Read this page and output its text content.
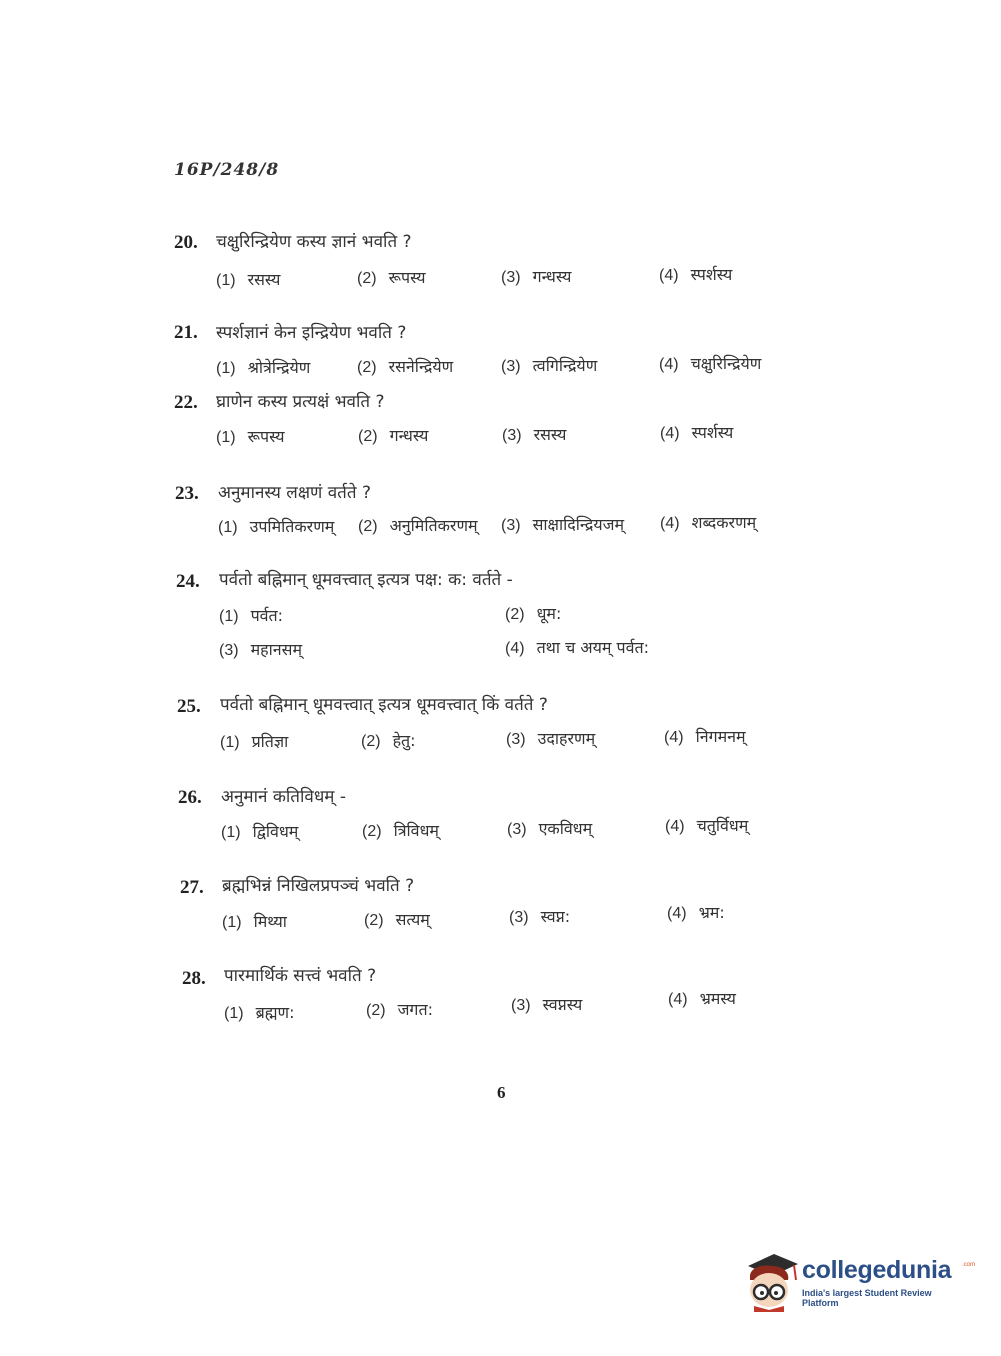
16P/248/8
20. चक्षुरिन्द्रियेण कस्य ज्ञानं भवति ?
(1) रसस्य	(2) रूपस्य	(3) गन्धस्य	(4) स्पर्शस्य
21. स्पर्शज्ञानं केन इन्द्रियेण भवति ?
(1) श्रोत्रेन्द्रियेण	(2) रसनेन्द्रियेण	(3) त्वगिन्द्रियेण	(4) चक्षुरिन्द्रियेण
22. घ्राणेन कस्य प्रत्यक्षं भवति ?
(1) रूपस्य	(2) गन्धस्य	(3) रसस्य	(4) स्पर्शस्य
23. अनुमानस्य लक्षणं वर्तते ?
(1) उपमितिकरणम् (2) अनुमितिकरणम् (3) साक्षादिन्द्रियजम् (4) शब्दकरणम्
24. पर्वतो बह्निमान् धूमवत्त्वात् इत्यत्र पक्ष: क: वर्तते -
(1) पर्वत:	(2) धूम:
(3) महानसम्	(4) तथा च अयम् पर्वत:
25. पर्वतो बह्निमान् धूमवत्त्वात् इत्यत्र धूमवत्त्वात् किं वर्तते ?
(1) प्रतिज्ञा	(2) हेतु:	(3) उदाहरणम्	(4) निगमनम्
26. अनुमानं कतिविधम् -
(1) द्विविधम्	(2) त्रिविधम्	(3) एकविधम्	(4) चतुर्विधम्
27. ब्रह्मभिन्नं निखिलप्रपञ्चं भवति ?
(1) मिथ्या	(2) सत्यम्	(3) स्वप्न:	(4) भ्रम:
28. पारमार्थिकं सत्त्वं भवति ?
(1) ब्रह्मण:	(2) जगत:	(3) स्वप्नस्य	(4) भ्रमस्य
6
collegedunia .com
India's largest Student Review Platform
